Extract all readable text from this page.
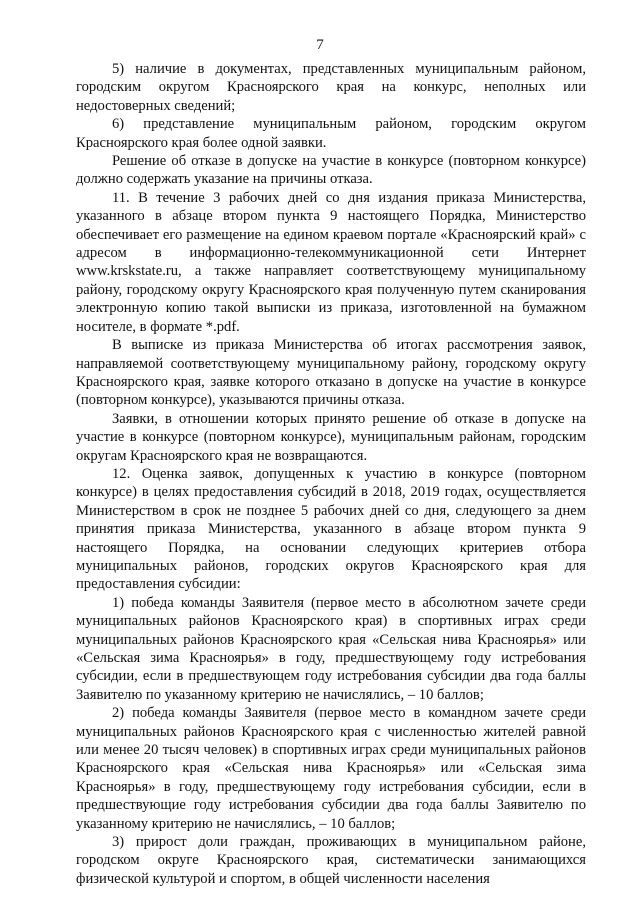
7

5) наличие в документах, представленных муниципальным районом, городским округом Красноярского края на конкурс, неполных или недостоверных сведений;

6) представление муниципальным районом, городским округом Красноярского края более одной заявки.

Решение об отказе в допуске на участие в конкурсе (повторном конкурсе) должно содержать указание на причины отказа.

11. В течение 3 рабочих дней со дня издания приказа Министерства, указанного в абзаце втором пункта 9 настоящего Порядка, Министерство обеспечивает его размещение на едином краевом портале «Красноярский край» с адресом в информационно-телекоммуникационной сети Интернет www.krskstate.ru, а также направляет соответствующему муниципальному району, городскому округу Красноярского края полученную путем сканирования электронную копию такой выписки из приказа, изготовленной на бумажном носителе, в формате *.pdf.

В выписке из приказа Министерства об итогах рассмотрения заявок, направляемой соответствующему муниципальному району, городскому округу Красноярского края, заявке которого отказано в допуске на участие в конкурсе (повторном конкурсе), указываются причины отказа.

Заявки, в отношении которых принято решение об отказе в допуске на участие в конкурсе (повторном конкурсе), муниципальным районам, городским округам Красноярского края не возвращаются.

12. Оценка заявок, допущенных к участию в конкурсе (повторном конкурсе) в целях предоставления субсидий в 2018, 2019 годах, осуществляется Министерством в срок не позднее 5 рабочих дней со дня, следующего за днем принятия приказа Министерства, указанного в абзаце втором пункта 9 настоящего Порядка, на основании следующих критериев отбора муниципальных районов, городских округов Красноярского края для предоставления субсидии:

1) победа команды Заявителя (первое место в абсолютном зачете среди муниципальных районов Красноярского края) в спортивных играх среди муниципальных районов Красноярского края «Сельская нива Красноярья» или «Сельская зима Красноярья» в году, предшествующему году истребования субсидии, если в предшествующем году истребования субсидии два года баллы Заявителю по указанному критерию не начислялись, – 10 баллов;

2) победа команды Заявителя (первое место в командном зачете среди муниципальных районов Красноярского края с численностью жителей равной или менее 20 тысяч человек) в спортивных играх среди муниципальных районов Красноярского края «Сельская нива Красноярья» или «Сельская зима Красноярья» в году, предшествующему году истребования субсидии, если в предшествующие году истребования субсидии два года баллы Заявителю по указанному критерию не начислялись, – 10 баллов;

3) прирост доли граждан, проживающих в муниципальном районе, городском округе Красноярского края, систематически занимающихся физической культурой и спортом, в общей численности населения
